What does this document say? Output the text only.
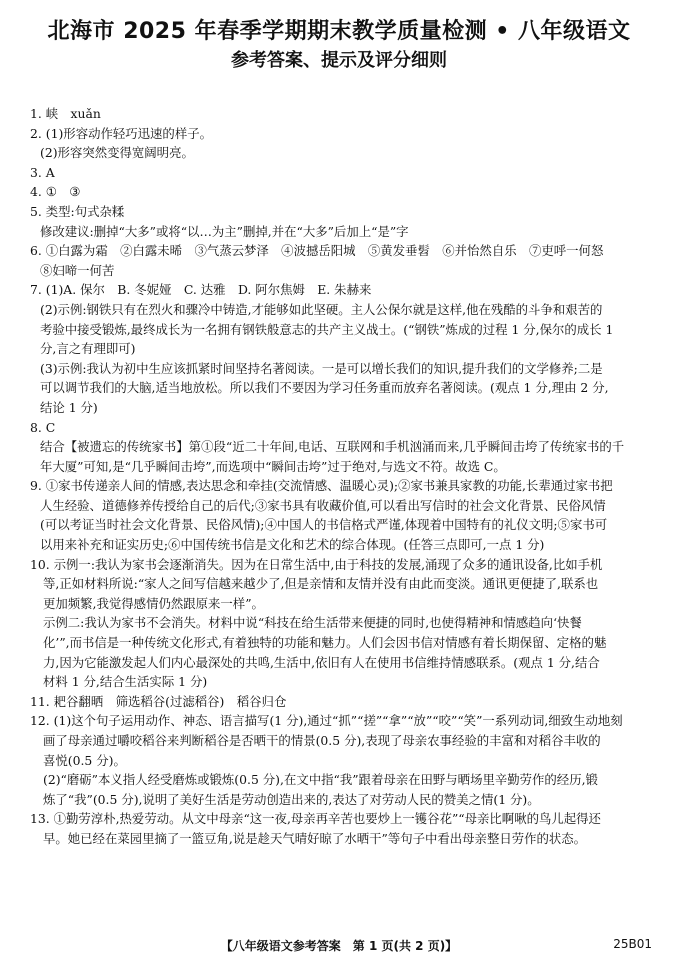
北海市 2025 年春季学期期末教学质量检测 • 八年级语文
参考答案、提示及评分细则
1. 峡　xuǎn
2. (1)形容动作轻巧迅速的样子。
(2)形容突然变得宽阔明亮。
3. A
4. ①　③
5. 类型:句式杂糅
修改建议:删掉“大多”或将“以…为主”删掉,并在“大多”后加上“是”字
6. ①白露为霜　②白露未晞　③气蒸云梦泽　④波撼岳阳城　⑤黄发垂髫　⑥并怡然自乐　⑦吏呼一何怒
⑧妇啼一何苦
7. (1)A. 保尔　B. 冬妮娅　C. 达雅　D. 阿尔焦姆　E. 朱赫来
(2)示例:钢铁只有在烈火和骤冷中铸造,才能够如此坚硬。主人公保尔就是这样,他在残酷的斗争和艰苦的
考验中接受锻炼,最终成长为一名拥有钢铁般意志的共产主义战士。(“钢铁”炼成的过程 1 分,保尔的成长 1
分,言之有理即可)
(3)示例:我认为初中生应该抓紧时间坚持名著阅读。一是可以增长我们的知识,提升我们的文学修养;二是
可以调节我们的大脑,适当地放松。所以我们不要因为学习任务重而放弃名著阅读。(观点 1 分,理由 2 分,
结论 1 分)
8. C
结合【被遗忘的传统家书】第①段“近二十年间,电话、互联网和手机汹涌而来,几乎瞬间击垮了传统家书的千
年大厦”可知,是“几乎瞬间击垮”,而选项中“瞬间击垮”过于绝对,与选文不符。故选 C。
9. ①家书传递亲人间的情感,表达思念和牵挂(交流情感、温暖心灵);②家书兼具家教的功能,长辈通过家书把
人生经验、道德修养传授给自己的后代;③家书具有收藏价值,可以看出写信时的社会文化背景、民俗风情
(可以考证当时社会文化背景、民俗风情);④中国人的书信格式严谨,体现着中国特有的礼仪文明;⑤家书可
以用来补充和证实历史;⑥中国传统书信是文化和艺术的综合体现。(任答三点即可,一点 1 分)
10. 示例一:我认为家书会逐渐消失。因为在日常生活中,由于科技的发展,涌现了众多的通讯设备,比如手机
等,正如材料所说:“家人之间写信越来越少了,但是亲情和友情并没有由此而变淡。通讯更便捷了,联系也
更加频繁,我觉得感情仍然跟原来一样”。
示例二:我认为家书不会消失。材料中说“科技在给生活带来便捷的同时,也使得精神和情感趋向‘快餐
化’”,而书信是一种传统文化形式,有着独特的功能和魅力。人们会因书信对情感有着长期保留、定格的魅
力,因为它能激发起人们内心最深处的共鸣,生活中,依旧有人在使用书信维持情感联系。(观点 1 分,结合
材料 1 分,结合生活实际 1 分)
11. 耙谷翻晒　筛选稻谷(过滤稻谷)　稻谷归仓
12. (1)这个句子运用动作、神态、语言描写(1 分),通过“抓”“搓”“拿”“放”“咬”“笑”一系列动词,细致生动地刻
画了母亲通过嚼咬稻谷来判断稻谷是否晒干的情景(0.5 分),表现了母亲农事经验的丰富和对稻谷丰收的
喜悦(0.5 分)。
(2)“磨砺”本义指人经受磨炼或锻炼(0.5 分),在文中指“我”跟着母亲在田野与晒场里辛勤劳作的经历,锻
炼了“我”(0.5 分),说明了美好生活是劳动创造出来的,表达了对劳动人民的赞美之情(1 分)。
13. ①勤劳淳朴,热爱劳动。从文中母亲“这一夜,母亲再辛苦也要炒上一镬谷花”“母亲比啊啾的鸟儿起得还
早。她已经在菜园里摘了一篮豆角,说是趁天气晴好晾了水晒干”等句子中看出母亲整日劳作的状态。
【八年级语文参考答案　第 1 页(共 2 页)】	25B01
